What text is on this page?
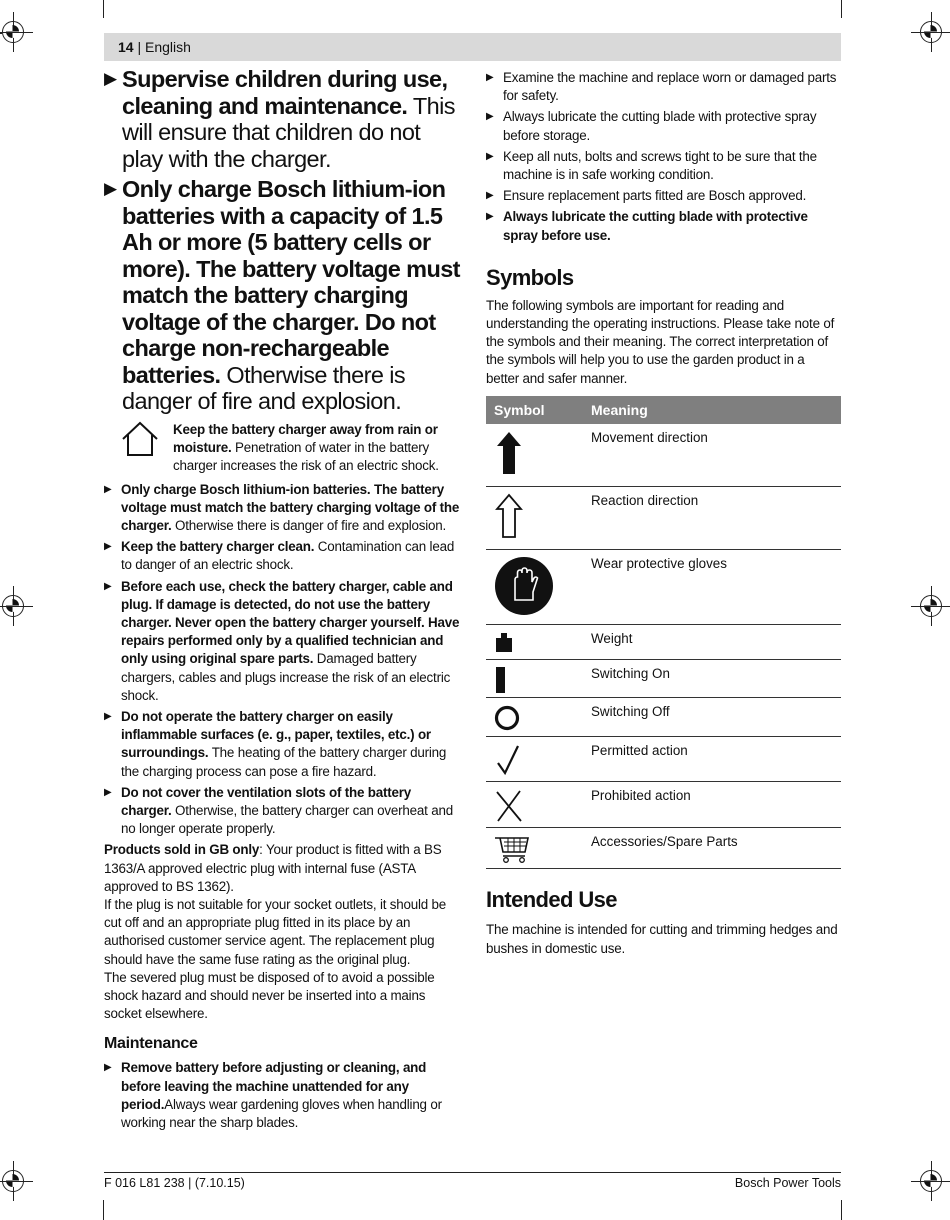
14 | English

▶ Supervise children during use, cleaning and maintenance. This will ensure that children do not play with the charger.

▶ Only charge Bosch lithium-ion batteries with a capacity of 1.5 Ah or more (5 battery cells or more). The battery voltage must match the battery charging voltage of the charger. Do not charge non-rechargeable batteries. Otherwise there is danger of fire and explosion.

Keep the battery charger away from rain or moisture. Penetration of water in the battery charger increases the risk of an electric shock.

▶ Only charge Bosch lithium-ion batteries. The battery voltage must match the battery charging voltage of the charger. Otherwise there is danger of fire and explosion.

▶ Keep the battery charger clean. Contamination can lead to danger of an electric shock.

▶ Before each use, check the battery charger, cable and plug. If damage is detected, do not use the battery charger. Never open the battery charger yourself. Have repairs performed only by a qualified technician and only using original spare parts. Damaged battery chargers, cables and plugs increase the risk of an electric shock.

▶ Do not operate the battery charger on easily inflammable surfaces (e. g., paper, textiles, etc.) or surroundings. The heating of the battery charger during the charging process can pose a fire hazard.

▶ Do not cover the ventilation slots of the battery charger. Otherwise, the battery charger can overheat and no longer operate properly.

Products sold in GB only: Your product is fitted with a BS 1363/A approved electric plug with internal fuse (ASTA approved to BS 1362).

If the plug is not suitable for your socket outlets, it should be cut off and an appropriate plug fitted in its place by an authorised customer service agent. The replacement plug should have the same fuse rating as the original plug.

The severed plug must be disposed of to avoid a possible shock hazard and should never be inserted into a mains socket elsewhere.

Maintenance

▶ Remove battery before adjusting or cleaning, and before leaving the machine unattended for any period.Always wear gardening gloves when handling or working near the sharp blades.

▶ Examine the machine and replace worn or damaged parts for safety.

▶ Always lubricate the cutting blade with protective spray before storage.

▶ Keep all nuts, bolts and screws tight to be sure that the machine is in safe working condition.

▶ Ensure replacement parts fitted are Bosch approved.

▶ Always lubricate the cutting blade with protective spray before use.

Symbols

The following symbols are important for reading and understanding the operating instructions. Please take note of the symbols and their meaning. The correct interpretation of the symbols will help you to use the garden product in a better and safer manner.

Symbol	Meaning
	Movement direction
	Reaction direction
	Wear protective gloves
	Weight
	Switching On
	Switching Off
	Permitted action
	Prohibited action
	Accessories/Spare Parts
Intended Use

The machine is intended for cutting and trimming hedges and bushes in domestic use.

F 016 L81 238 | (7.10.15)	Bosch Power Tools
